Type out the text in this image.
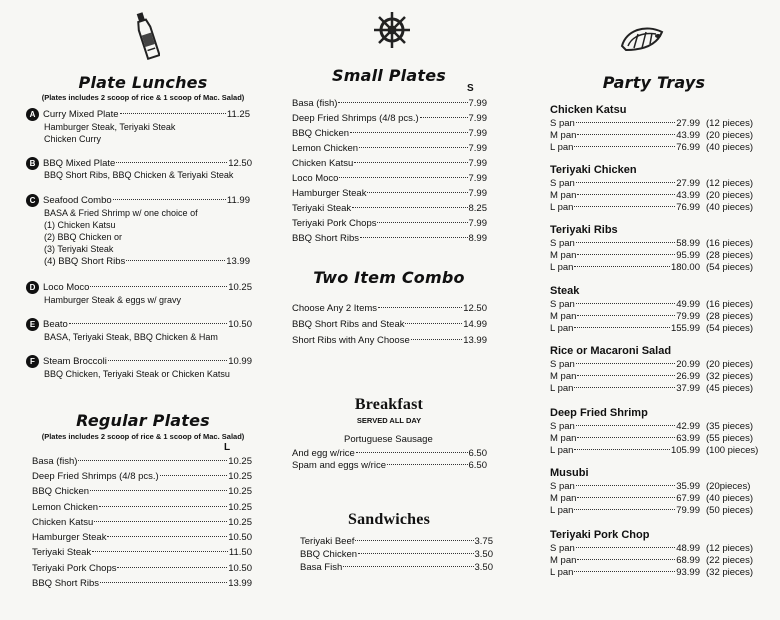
Plate Lunches
(Plates includes 2 scoop of rice & 1 scoop of Mac. Salad)
A Curry Mixed Plate	11.25
Hamburger Steak, Teriyaki Steak
Chicken Curry
B BBQ Mixed Plate	12.50
BBQ Short Ribs, BBQ Chicken & Teriyaki Steak
C Seafood Combo	11.99
BASA & Fried Shrimp w/ one choice of
(1) Chicken Katsu
(2) BBQ Chicken or
(3) Teriyaki Steak
(4) BBQ Short Ribs	13.99
D Loco Moco	10.25
Hamburger Steak & eggs w/ gravy
E Beato	10.50
BASA, Teriyaki Steak, BBQ Chicken & Ham
F Steam Broccoli	10.99
BBQ Chicken, Teriyaki Steak or Chicken Katsu
Regular Plates
(Plates includes 2 scoop of rice & 1 scoop of Mac. Salad)
L
Basa (fish)	10.25
Deep Fried Shrimps (4/8 pcs.)	10.25
BBQ Chicken	10.25
Lemon Chicken	10.25
Chicken Katsu	10.25
Hamburger Steak	10.50
Teriyaki Steak	11.50
Teriyaki Pork Chops	10.50
BBQ Short Ribs	13.99
Small Plates
S
Basa (fish)	7.99
Deep Fried Shrimps (4/8 pcs.)	7.99
BBQ Chicken	7.99
Lemon Chicken	7.99
Chicken Katsu	7.99
Loco Moco	7.99
Hamburger Steak	7.99
Teriyaki Steak	8.25
Teriyaki Pork Chops	7.99
BBQ Short Ribs	8.99
Two Item Combo
Choose Any 2 Items	12.50
BBQ Short Ribs and Steak	14.99
Short Ribs with Any Choose	13.99
Breakfast
SERVED ALL DAY
Portuguese Sausage
And egg w/rice	6.50
Spam and eggs w/rice	6.50
Sandwiches
Teriyaki Beef	3.75
BBQ Chicken	3.50
Basa Fish	3.50
Party Trays
Chicken Katsu
S pan	27.99 (12 pieces)
M pan	43.99 (20 pieces)
L pan	76.99 (40 pieces)
Teriyaki Chicken
S pan	27.99 (12 pieces)
M pan	43.99 (20 pieces)
L pan	76.99 (40 pieces)
Teriyaki Ribs
S pan	58.99 (16 pieces)
M pan	95.99 (28 pieces)
L pan	180.00 (54 pieces)
Steak
S pan	49.99 (16 pieces)
M pan	79.99 (28 pieces)
L pan	155.99 (54 pieces)
Rice or Macaroni Salad
S pan	20.99 (20 pieces)
M pan	26.99 (32 pieces)
L pan	37.99 (45 pieces)
Deep Fried Shrimp
S pan	42.99 (35 pieces)
M pan	63.99 (55 pieces)
L pan	105.99 (100 pieces)
Musubi
S pan	35.99 (20pieces)
M pan	67.99 (40 pieces)
L pan	79.99 (50 pieces)
Teriyaki Pork Chop
S pan	48.99 (12 pieces)
M pan	68.99 (22 pieces)
L pan	93.99 (32 pieces)
